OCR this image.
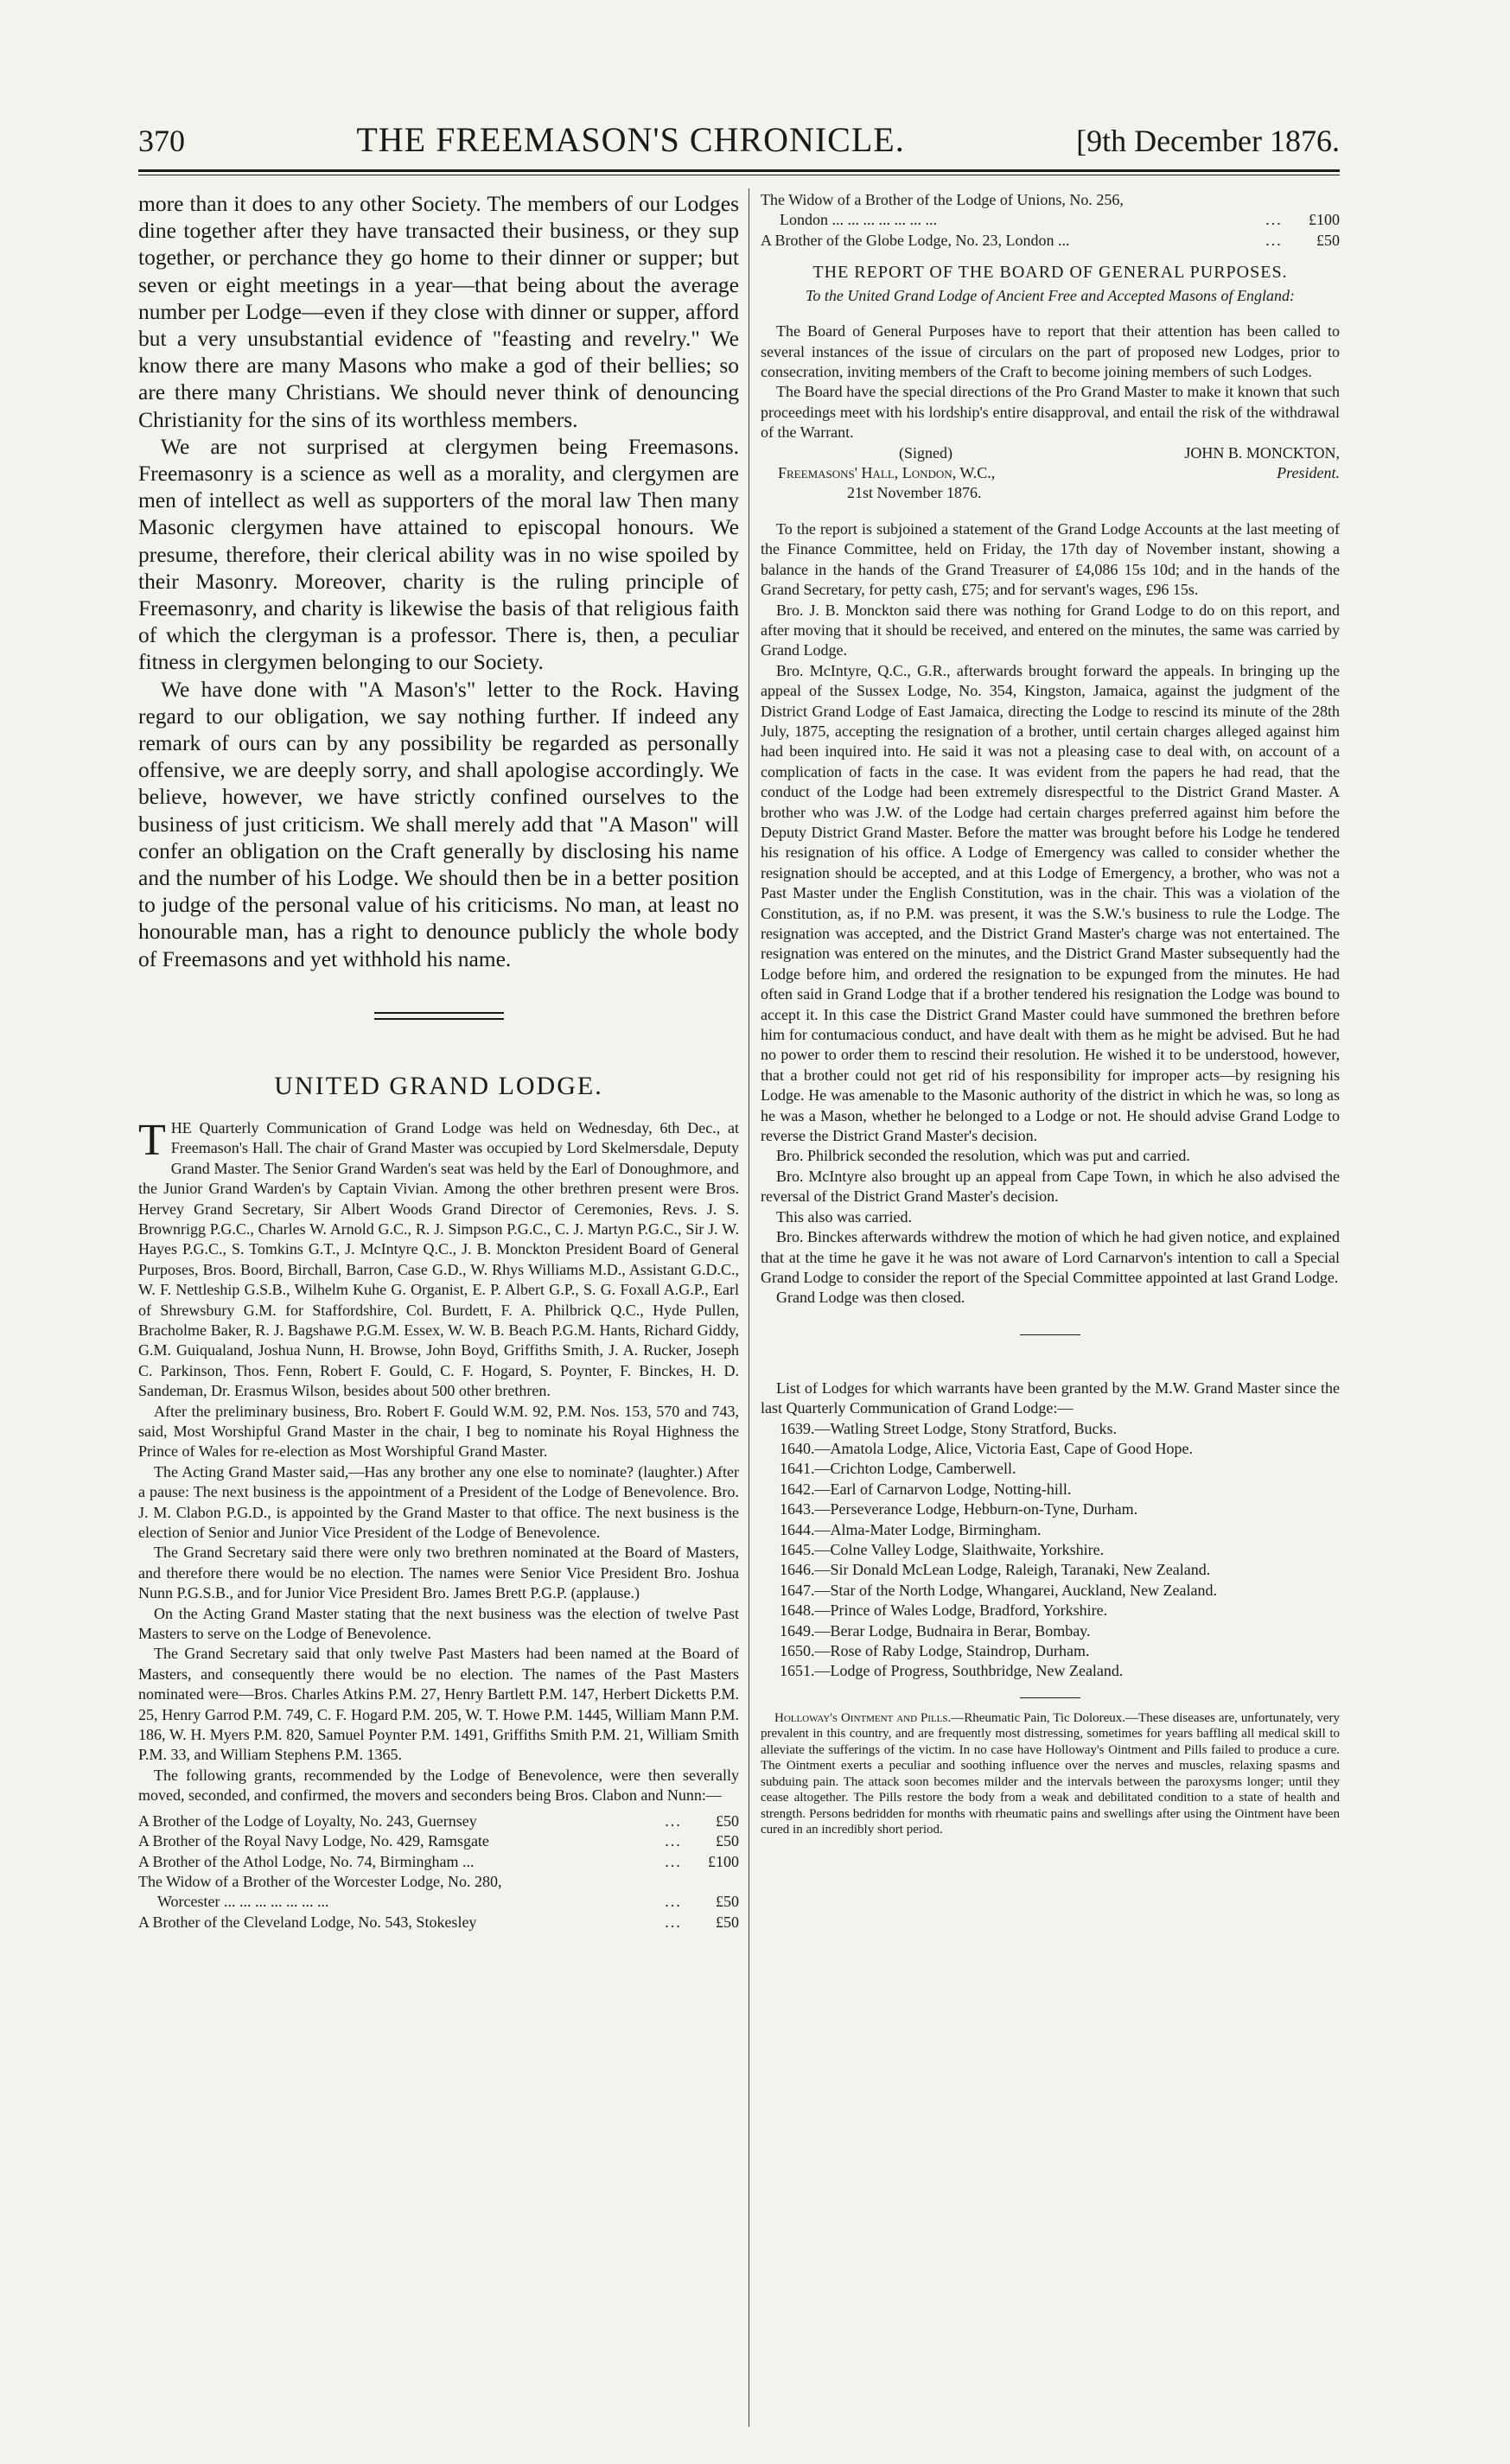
370	THE FREEMASON'S CHRONICLE.	[9th December 1876.

more than it does to any other Society. The members of our Lodges dine together after they have transacted their business, or they sup together, or perchance they go home to their dinner or supper; but seven or eight meetings in a year—that being about the average number per Lodge—even if they close with dinner or supper, afford but a very unsubstantial evidence of "feasting and revelry." We know there are many Masons who make a god of their bellies; so are there many Christians. We should never think of denouncing Christianity for the sins of its worthless members.

We are not surprised at clergymen being Freemasons. Freemasonry is a science as well as a morality, and clergymen are men of intellect as well as supporters of the moral law Then many Masonic clergymen have attained to episcopal honours. We presume, therefore, their clerical ability was in no wise spoiled by their Masonry. Moreover, charity is the ruling principle of Freemasonry, and charity is likewise the basis of that religious faith of which the clergyman is a professor. There is, then, a peculiar fitness in clergymen belonging to our Society.

We have done with "A Mason's" letter to the Rock. Having regard to our obligation, we say nothing further. If indeed any remark of ours can by any possibility be regarded as personally offensive, we are deeply sorry, and shall apologise accordingly. We believe, however, we have strictly confined ourselves to the business of just criticism. We shall merely add that "A Mason" will confer an obligation on the Craft generally by disclosing his name and the number of his Lodge. We should then be in a better position to judge of the personal value of his criticisms. No man, at least no honourable man, has a right to denounce publicly the whole body of Freemasons and yet withhold his name.

UNITED GRAND LODGE.

THE Quarterly Communication of Grand Lodge was held on Wednesday, 6th Dec., at Freemason's Hall. The chair of Grand Master was occupied by Lord Skelmersdale, Deputy Grand Master. The Senior Grand Warden's seat was held by the Earl of Donoughmore, and the Junior Grand Warden's by Captain Vivian. Among the other brethren present were Bros. Hervey Grand Secretary, Sir Albert Woods Grand Director of Ceremonies, Revs. J. S. Brownrigg P.G.C., Charles W. Arnold G.C., R. J. Simpson P.G.C., C. J. Martyn P.G.C., Sir J. W. Hayes P.G.C., S. Tomkins G.T., J. McIntyre Q.C., J. B. Monckton President Board of General Purposes, Bros. Boord, Birchall, Barron, Case G.D., W. Rhys Williams M.D., Assistant G.D.C., W. F. Nettleship G.S.B., Wilhelm Kuhe G. Organist, E. P. Albert G.P., S. G. Foxall A.G.P., Earl of Shrewsbury G.M. for Staffordshire, Col. Burdett, F. A. Philbrick Q.C., Hyde Pullen, Bracholme Baker, R. J. Bagshawe P.G.M. Essex, W. W. B. Beach P.G.M. Hants, Richard Giddy, G.M. Guiqualand, Joshua Nunn, H. Browse, John Boyd, Griffiths Smith, J. A. Rucker, Joseph C. Parkinson, Thos. Fenn, Robert F. Gould, C. F. Hogard, S. Poynter, F. Binckes, H. D. Sandeman, Dr. Erasmus Wilson, besides about 500 other brethren.

After the preliminary business, Bro. Robert F. Gould W.M. 92, P.M. Nos. 153, 570 and 743, said, Most Worshipful Grand Master in the chair, I beg to nominate his Royal Highness the Prince of Wales for re-election as Most Worshipful Grand Master.

The Acting Grand Master said,—Has any brother any one else to nominate? (laughter.) After a pause: The next business is the appointment of a President of the Lodge of Benevolence. Bro. J. M. Clabon P.G.D., is appointed by the Grand Master to that office. The next business is the election of Senior and Junior Vice President of the Lodge of Benevolence.

The Grand Secretary said there were only two brethren nominated at the Board of Masters, and therefore there would be no election. The names were Senior Vice President Bro. Joshua Nunn P.G.S.B., and for Junior Vice President Bro. James Brett P.G.P. (applause.)

On the Acting Grand Master stating that the next business was the election of twelve Past Masters to serve on the Lodge of Benevolence.

The Grand Secretary said that only twelve Past Masters had been named at the Board of Masters, and consequently there would be no election. The names of the Past Masters nominated were—Bros. Charles Atkins P.M. 27, Henry Bartlett P.M. 147, Herbert Dicketts P.M. 25, Henry Garrod P.M. 749, C. F. Hogard P.M. 205, W. T. Howe P.M. 1445, William Mann P.M. 186, W. H. Myers P.M. 820, Samuel Poynter P.M. 1491, Griffiths Smith P.M. 21, William Smith P.M. 33, and William Stephens P.M. 1365.

The following grants, recommended by the Lodge of Benevolence, were then severally moved, seconded, and confirmed, the movers and seconders being Bros. Clabon and Nunn:—

A Brother of the Lodge of Loyalty, No. 243, Guernsey	...	£50
A Brother of the Royal Navy Lodge, No. 429, Ramsgate	...	£50
A Brother of the Athol Lodge, No. 74, Birmingham ...	...	£100
The Widow of a Brother of the Worcester Lodge, No. 280,
Worcester ... ... ... ... ... ... ...	...	£50
A Brother of the Cleveland Lodge, No. 543, Stokesley	...	£50
The Widow of a Brother of the Lodge of Unions, No. 256,
London ... ... ... ... ... ... ...	...	£100
A Brother of the Globe Lodge, No. 23, London ...	...	£50
THE REPORT OF THE BOARD OF GENERAL PURPOSES.
To the United Grand Lodge of Ancient Free and Accepted Masons of England:

The Board of General Purposes have to report that their attention has been called to several instances of the issue of circulars on the part of proposed new Lodges, prior to consecration, inviting members of the Craft to become joining members of such Lodges.

The Board have the special directions of the Pro Grand Master to make it known that such proceedings meet with his lordship's entire disapproval, and entail the risk of the withdrawal of the Warrant.

(Signed)	JOHN B. MONCKTON,
Freemasons' Hall, London, W.C.,	President.
21st November 1876.

To the report is subjoined a statement of the Grand Lodge Accounts at the last meeting of the Finance Committee, held on Friday, the 17th day of November instant, showing a balance in the hands of the Grand Treasurer of £4,086 15s 10d; and in the hands of the Grand Secretary, for petty cash, £75; and for servant's wages, £96 15s.

Bro. J. B. Monckton said there was nothing for Grand Lodge to do on this report, and after moving that it should be received, and entered on the minutes, the same was carried by Grand Lodge.

Bro. McIntyre, Q.C., G.R., afterwards brought forward the appeals. In bringing up the appeal of the Sussex Lodge, No. 354, Kingston, Jamaica, against the judgment of the District Grand Lodge of East Jamaica, directing the Lodge to rescind its minute of the 28th July, 1875, accepting the resignation of a brother, until certain charges alleged against him had been inquired into. He said it was not a pleasing case to deal with, on account of a complication of facts in the case. It was evident from the papers he had read, that the conduct of the Lodge had been extremely disrespectful to the District Grand Master. A brother who was J.W. of the Lodge had certain charges preferred against him before the Deputy District Grand Master. Before the matter was brought before his Lodge he tendered his resignation of his office. A Lodge of Emergency was called to consider whether the resignation should be accepted, and at this Lodge of Emergency, a brother, who was not a Past Master under the English Constitution, was in the chair. This was a violation of the Constitution, as, if no P.M. was present, it was the S.W.'s business to rule the Lodge. The resignation was accepted, and the District Grand Master's charge was not entertained. The resignation was entered on the minutes, and the District Grand Master subsequently had the Lodge before him, and ordered the resignation to be expunged from the minutes. He had often said in Grand Lodge that if a brother tendered his resignation the Lodge was bound to accept it. In this case the District Grand Master could have summoned the brethren before him for contumacious conduct, and have dealt with them as he might be advised. But he had no power to order them to rescind their resolution. He wished it to be understood, however, that a brother could not get rid of his responsibility for improper acts—by resigning his Lodge. He was amenable to the Masonic authority of the district in which he was, so long as he was a Mason, whether he belonged to a Lodge or not. He should advise Grand Lodge to reverse the District Grand Master's decision.

Bro. Philbrick seconded the resolution, which was put and carried.

Bro. McIntyre also brought up an appeal from Cape Town, in which he also advised the reversal of the District Grand Master's decision.

This also was carried.

Bro. Binckes afterwards withdrew the motion of which he had given notice, and explained that at the time he gave it he was not aware of Lord Carnarvon's intention to call a Special Grand Lodge to consider the report of the Special Committee appointed at last Grand Lodge.

Grand Lodge was then closed.

List of Lodges for which warrants have been granted by the M.W. Grand Master since the last Quarterly Communication of Grand Lodge:—

1639.—Watling Street Lodge, Stony Stratford, Bucks.
1640.—Amatola Lodge, Alice, Victoria East, Cape of Good Hope.
1641.—Crichton Lodge, Camberwell.
1642.—Earl of Carnarvon Lodge, Notting-hill.
1643.—Perseverance Lodge, Hebburn-on-Tyne, Durham.
1644.—Alma-Mater Lodge, Birmingham.
1645.—Colne Valley Lodge, Slaithwaite, Yorkshire.
1646.—Sir Donald McLean Lodge, Raleigh, Taranaki, New Zealand.
1647.—Star of the North Lodge, Whangarei, Auckland, New Zealand.
1648.—Prince of Wales Lodge, Bradford, Yorkshire.
1649.—Berar Lodge, Budnaira in Berar, Bombay.
1650.—Rose of Raby Lodge, Staindrop, Durham.
1651.—Lodge of Progress, Southbridge, New Zealand.

Holloway's Ointment and Pills.—Rheumatic Pain, Tic Doloreux.—These diseases are, unfortunately, very prevalent in this country, and are frequently most distressing, sometimes for years baffling all medical skill to alleviate the sufferings of the victim. In no case have Holloway's Ointment and Pills failed to produce a cure. The Ointment exerts a peculiar and soothing influence over the nerves and muscles, relaxing spasms and subduing pain. The attack soon becomes milder and the intervals between the paroxysms longer; until they cease altogether. The Pills restore the body from a weak and debilitated condition to a state of health and strength. Persons bedridden for months with rheumatic pains and swellings after using the Ointment have been cured in an incredibly short period.
